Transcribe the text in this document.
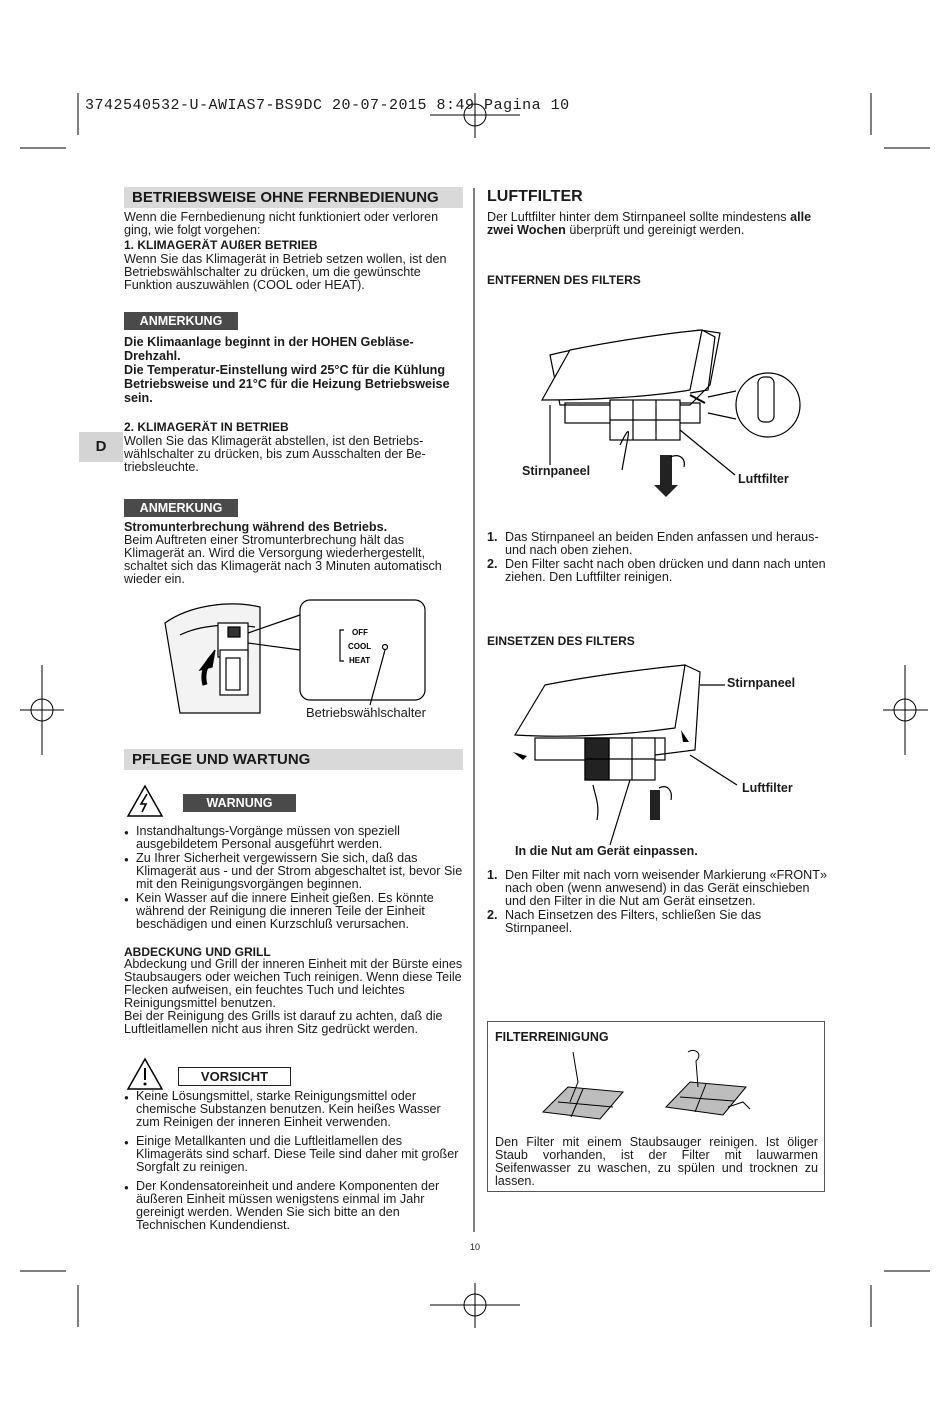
3742540532-U-AWIAS7-BS9DC 20-07-2015 8:49 Pagina 10
D
BETRIEBSWEISE OHNE FERNBEDIENUNG
Wenn die Fernbedienung nicht funktioniert oder verloren ging, wie folgt vorgehen:
1. KLIMAGERÄT AUßER BETRIEB
Wenn Sie das Klimagerät in Betrieb setzen wollen, ist den Betriebswählschalter zu drücken, um die gewünschte Funktion auszuwählen (COOL oder HEAT).
ANMERKUNG
Die Klimaanlage beginnt in der HOHEN Gebläse-Drehzahl.
Die Temperatur-Einstellung wird 25°C für die Kühlung Betriebsweise und 21°C für die Heizung Betriebsweise sein.
2. KLIMAGERÄT IN BETRIEB
Wollen Sie das Klimagerät abstellen, ist den Betriebs-wählschalter zu drücken, bis zum Ausschalten der Be-triebsleuchte.
ANMERKUNG
Stromunterbrechung während des Betriebs.
Beim Auftreten einer Stromunterbrechung hält das Klimagerät an. Wird die Versorgung wiederhergestellt, schaltet sich das Klimagerät nach 3 Minuten automatisch wieder ein.
OFF
COOL
HEAT
Betriebswählschalter
PFLEGE UND WARTUNG
WARNUNG
● Instandhaltungs-Vorgänge müssen von speziell ausgebildetem Personal ausgeführt werden.
● Zu Ihrer Sicherheit vergewissern Sie sich, daß das Klimagerät aus - und der Strom abgeschaltet ist, bevor Sie mit den Reinigungsvorgängen beginnen.
● Kein Wasser auf die innere Einheit gießen. Es könnte während der Reinigung die inneren Teile der Einheit beschädigen und einen Kurzschluß verursachen.
ABDECKUNG UND GRILL
Abdeckung und Grill der inneren Einheit mit der Bürste eines Staubsaugers oder weichen Tuch reinigen. Wenn diese Teile Flecken aufweisen, ein feuchtes Tuch und leichtes Reinigungsmittel benutzen.
Bei der Reinigung des Grills ist darauf zu achten, daß die Luftleitlamellen nicht aus ihren Sitz gedrückt werden.
VORSICHT
● Keine Lösungsmittel, starke Reinigungsmittel oder chemische Substanzen benutzen. Kein heißes Wasser zum Reinigen der inneren Einheit verwenden.
● Einige Metallkanten und die Luftleitlamellen des Klimageräts sind scharf. Diese Teile sind daher mit großer Sorgfalt zu reinigen.
● Der Kondensatoreinheit und andere Komponenten der äußeren Einheit müssen wenigstens einmal im Jahr gereinigt werden. Wenden Sie sich bitte an den Technischen Kundendienst.
LUFTFILTER
Der Luftfilter hinter dem Stirnpaneel sollte mindestens alle zwei Wochen überprüft und gereinigt werden.
ENTFERNEN DES FILTERS
Stirnpaneel
Luftfilter
1. Das Stirnpaneel an beiden Enden anfassen und heraus-und nach oben ziehen.
2. Den Filter sacht nach oben drücken und dann nach unten ziehen. Den Luftfilter reinigen.
EINSETZEN DES FILTERS
Stirnpaneel
Luftfilter
In die Nut am Gerät einpassen.
1. Den Filter mit nach vorn weisender Markierung «FRONT» nach oben (wenn anwesend) in das Gerät einschieben und den Filter in die Nut am Gerät einsetzen.
2. Nach Einsetzen des Filters, schließen Sie das Stirnpaneel.
FILTERREINIGUNG
Den Filter mit einem Staubsauger reinigen. Ist öliger Staub vorhanden, ist der Filter mit lauwarmen Seifenwasser zu waschen, zu spülen und trocknen zu lassen.
10
